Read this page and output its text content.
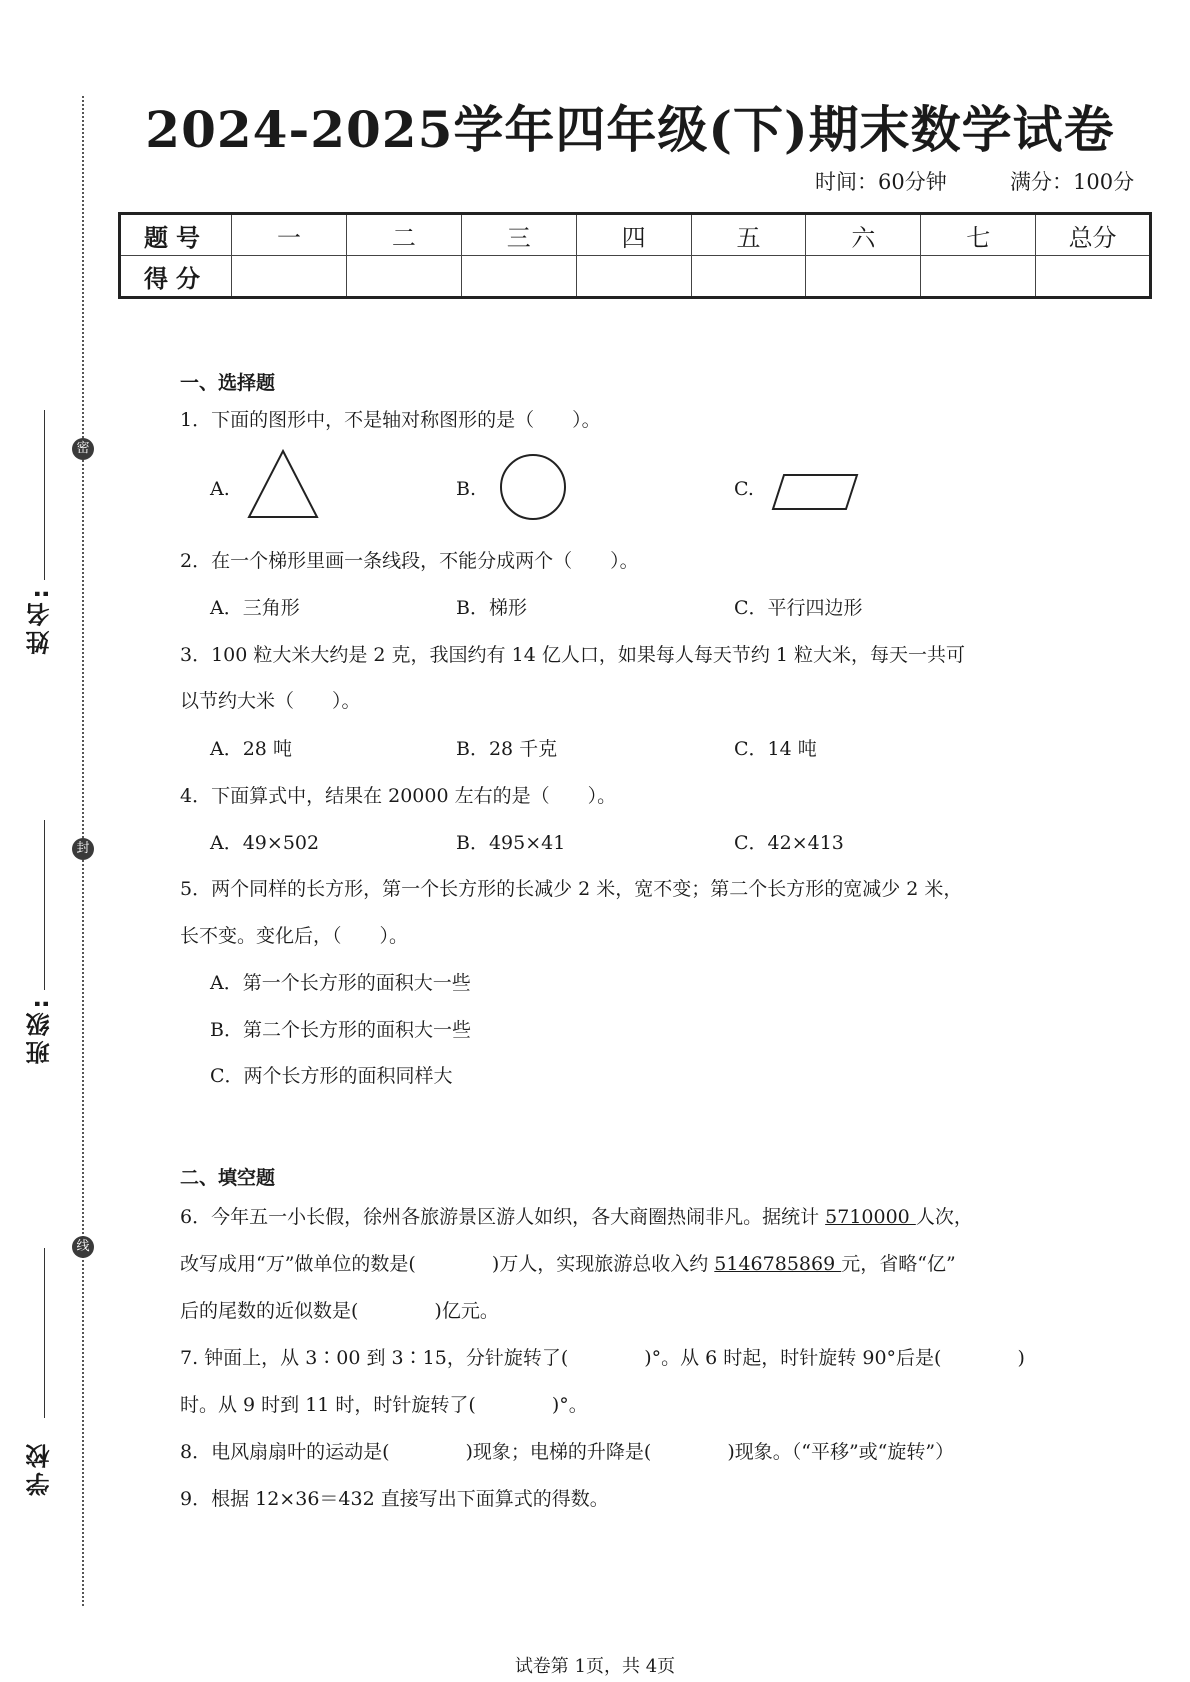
密
封
线
姓名:
班级:
学校
2024-2025学年四年级(下)期末数学试卷
时间：60分钟	满分：100分
题号	一	二	三	四	五	六	七	总分
得分								
一、选择题
1．下面的图形中，不是轴对称图形的是（　　）。
A.	B.	C.
2．在一个梯形里画一条线段，不能分成两个（　　）。
A．三角形	B．梯形	C．平行四边形
3．100 粒大米大约是 2 克，我国约有 14 亿人口，如果每人每天节约 1 粒大米，每天一共可
以节约大米（　　）。
A．28 吨	B．28 千克	C．14 吨
4．下面算式中，结果在 20000 左右的是（　　）。
A．49×502	B．495×41	C．42×413
5．两个同样的长方形，第一个长方形的长减少 2 米，宽不变；第二个长方形的宽减少 2 米，
长不变。变化后，（　　）。
A．第一个长方形的面积大一些
B．第二个长方形的面积大一些
C．两个长方形的面积同样大
二、填空题
6．今年五一小长假，徐州各旅游景区游人如织，各大商圈热闹非凡。据统计 5710000 人次，
改写成用“万”做单位的数是(　　　　)万人，实现旅游总收入约 5146785869 元，省略“亿”
后的尾数的近似数是(　　　　)亿元。
7. 钟面上，从 3∶00 到 3∶15，分针旋转了(　　　　)°。从 6 时起，时针旋转 90°后是(　　　　)
时。从 9 时到 11 时，时针旋转了(　　　　)°。
8．电风扇扇叶的运动是(　　　　)现象；电梯的升降是(　　　　)现象。（“平移”或“旋转”）
9．根据 12×36＝432 直接写出下面算式的得数。
试卷第 1页，共 4页
